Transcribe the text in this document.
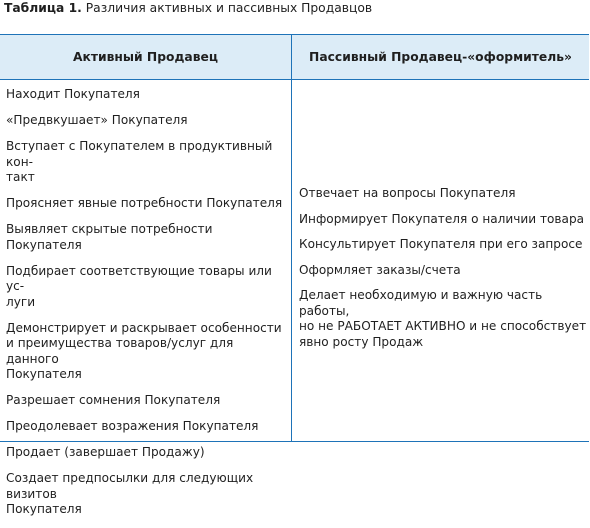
Таблица 1. Различия активных и пассивных Продавцов
Активный Продавец	Пассивный Продавец-«оформитель»

Находит Покупателя

«Предвкушает» Покупателя

Вступает с Покупателем в продуктивный кон-
такт

Проясняет явные потребности Покупателя

Выявляет скрытые потребности Покупателя

Подбирает соответствующие товары или ус-
луги

Демонстрирует и раскрывает особенности
и преимущества товаров/услуг для данного
Покупателя

Разрешает сомнения Покупателя

Преодолевает возражения Покупателя

Продает (завершает Продажу)

Создает предпосылки для следующих визитов
Покупателя

Отвечает на вопросы Покупателя

Информирует Покупателя о наличии товара

Консультирует Покупателя при его запросе

Оформляет заказы/счета

Делает необходимую и важную часть работы,
но не РАБОТАЕТ АКТИВНО и не способствует
явно росту Продаж
